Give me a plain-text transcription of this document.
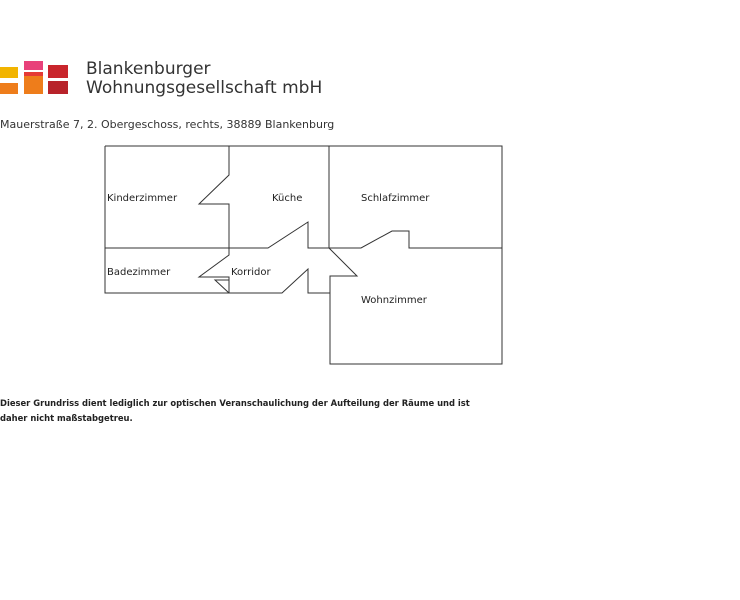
Blankenburger
Wohnungsgesellschaft mbH
Mauerstraße 7, 2. Obergeschoss, rechts, 38889 Blankenburg
Kinderzimmer	Küche	Schlafzimmer
Badezimmer	Korridor
Wohnzimmer
Dieser Grundriss dient lediglich zur optischen Veranschaulichung der Aufteilung der Räume und ist daher nicht maßstabgetreu.
